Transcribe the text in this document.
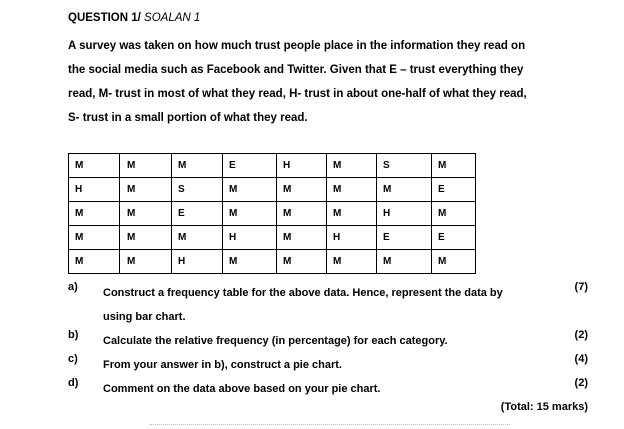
QUESTION 1/ SOALAN 1
A survey was taken on how much trust people place in the information they read on the social media such as Facebook and Twitter. Given that E – trust everything they read, M- trust in most of what they read, H- trust in about one-half of what they read, S- trust in a small portion of what they read.
M	M	M	E	H	M	S	M
H	M	S	M	M	M	M	E
M	M	E	M	M	M	H	M
M	M	M	H	M	H	E	E
M	M	H	M	M	M	M	M
a) Construct a frequency table for the above data. Hence, represent the data by using bar chart.
(7)
b) Calculate the relative frequency (in percentage) for each category.	(2)
c) From your answer in b), construct a pie chart.	(4)
d) Comment on the data above based on your pie chart.	(2)
(Total: 15 marks)
